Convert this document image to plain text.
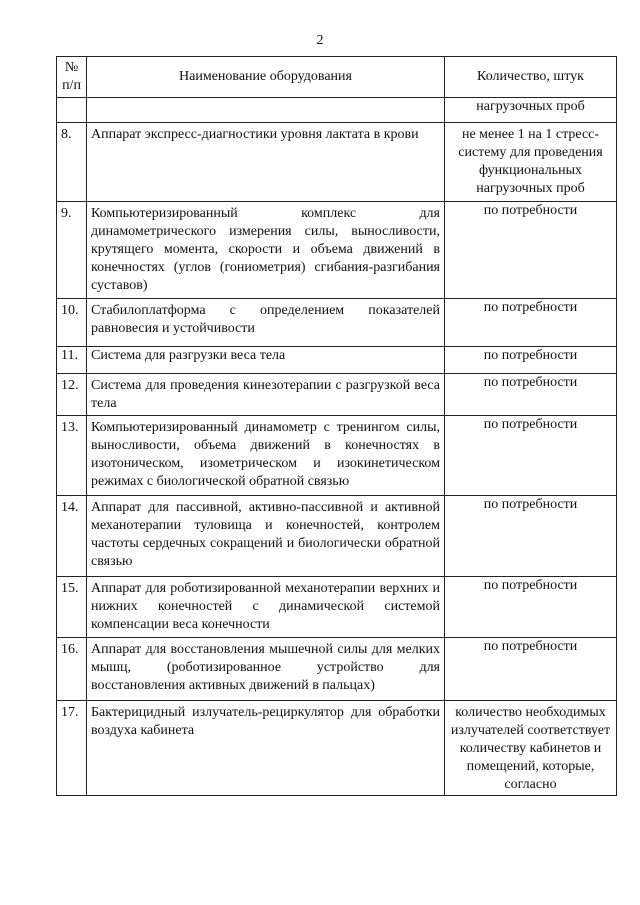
2
№
п/п	Наименование оборудования	Количество, штук
		нагрузочных проб
8.	Аппарат экспресс-диагностики уровня лактата в крови	не менее 1 на 1 стресс-систему для проведения функциональных нагрузочных проб
9.	Компьютеризированный комплекс для динамометрического измерения силы, выносливости, крутящего момента, скорости и объема движений в конечностях (углов (гониометрия) сгибания-разгибания суставов)	по потребности
10.	Стабилоплатформа с определением показателей равновесия и устойчивости	по потребности
11.	Система для разгрузки веса тела	по потребности
12.	Система для проведения кинезотерапии с разгрузкой веса тела	по потребности
13.	Компьютеризированный динамометр с тренингом силы, выносливости, объема движений в конечностях в изотоническом, изометрическом и изокинетическом режимах с биологической обратной связью	по потребности
14.	Аппарат для пассивной, активно-пассивной и активной механотерапии туловища и конечностей, контролем частоты сердечных сокращений и биологически обратной связью	по потребности
15.	Аппарат для роботизированной механотерапии верхних и нижних конечностей с динамической системой компенсации веса конечности	по потребности
16.	Аппарат для восстановления мышечной силы для мелких мышц, (роботизированное устройство для восстановления активных движений в пальцах)	по потребности
17.	Бактерицидный излучатель-рециркулятор для обработки воздуха кабинета	количество необходимых излучателей соответствует количеству кабинетов и помещений, которые, согласно
